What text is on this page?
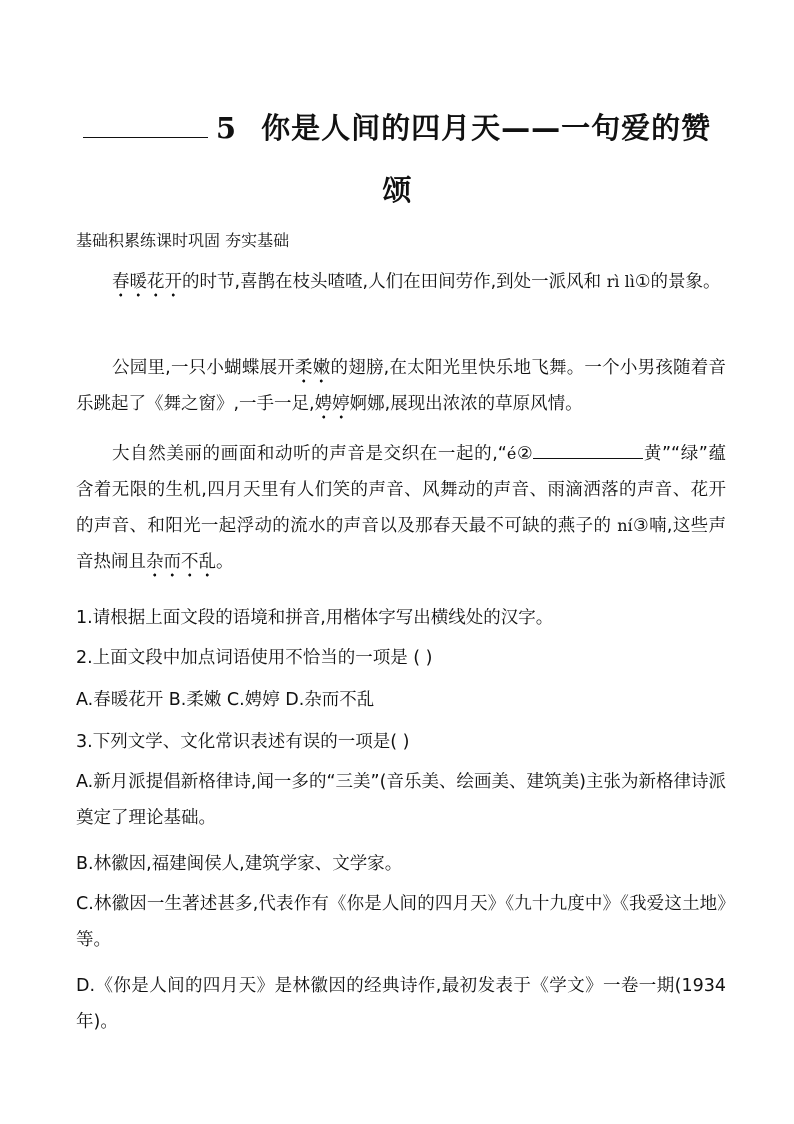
5 你是人间的四月天——一句爱的赞
颂
基础积累练课时巩固 夯实基础
春暖花开的时节,喜鹊在枝头喳喳,人们在田间劳作,到处一派风和 rì lì①的景象。
公园里,一只小蝴蝶展开柔嫩的翅膀,在太阳光里快乐地飞舞。一个小男孩随着音乐跳起了《舞之窗》,一手一足,娉婷婀娜,展现出浓浓的草原风情。
大自然美丽的画面和动听的声音是交织在一起的,“é②	黄”“绿”蕴含着无限的生机,四月天里有人们笑的声音、风舞动的声音、雨滴洒落的声音、花开的声音、和阳光一起浮动的流水的声音以及那春天最不可缺的燕子的 ní③喃,这些声音热闹且杂而不乱。
1.请根据上面文段的语境和拼音,用楷体字写出横线处的汉字。
2.上面文段中加点词语使用不恰当的一项是 ( )
A.春暖花开 B.柔嫩 C.娉婷 D.杂而不乱
3.下列文学、文化常识表述有误的一项是( )
A.新月派提倡新格律诗,闻一多的“三美”(音乐美、绘画美、建筑美)主张为新格律诗派奠定了理论基础。
B.林徽因,福建闽侯人,建筑学家、文学家。
C.林徽因一生著述甚多,代表作有《你是人间的四月天》《九十九度中》《我爱这土地》等。
D.《你是人间的四月天》是林徽因的经典诗作,最初发表于《学文》一卷一期(1934年)。
